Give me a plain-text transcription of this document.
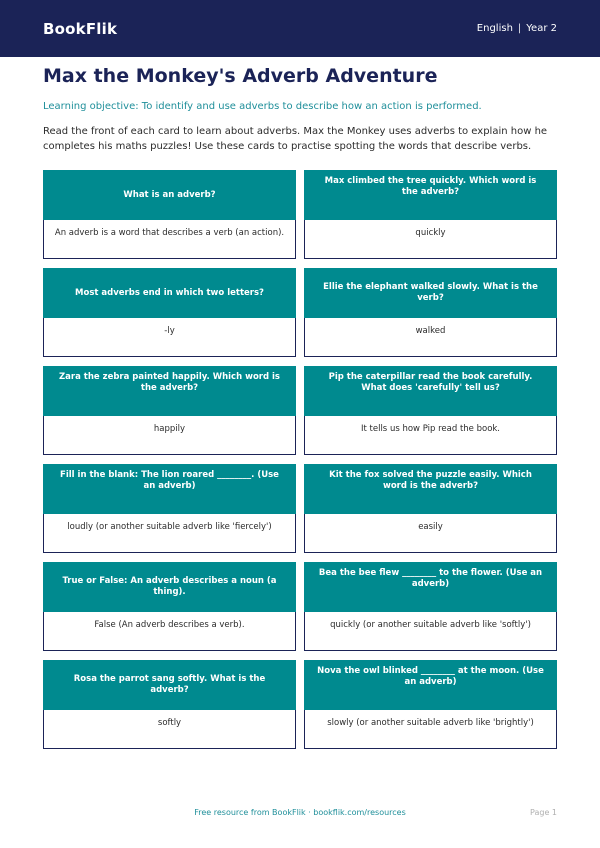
BookFlik	English | Year 2
Max the Monkey's Adverb Adventure

Learning objective: To identify and use adverbs to describe how an action is performed.

Read the front of each card to learn about adverbs. Max the Monkey uses adverbs to explain how he completes his maths puzzles! Use these cards to practise spotting the words that describe verbs.

What is an adverb?
An adverb is a word that describes a verb (an action).
Max climbed the tree quickly. Which word is the adverb?
quickly
Most adverbs end in which two letters?
-ly
Ellie the elephant walked slowly. What is the verb?
walked
Zara the zebra painted happily. Which word is the adverb?
happily
Pip the caterpillar read the book carefully. What does 'carefully' tell us?
It tells us how Pip read the book.
Fill in the blank: The lion roared ________. (Use an adverb)
loudly (or another suitable adverb like 'fiercely')
Kit the fox solved the puzzle easily. Which word is the adverb?
easily
True or False: An adverb describes a noun (a thing).
False (An adverb describes a verb).
Bea the bee flew ________ to the flower. (Use an adverb)
quickly (or another suitable adverb like 'softly')
Rosa the parrot sang softly. What is the adverb?
softly
Nova the owl blinked ________ at the moon. (Use an adverb)
slowly (or another suitable adverb like 'brightly')
Free resource from BookFlik · bookflik.com/resources	Page 1
